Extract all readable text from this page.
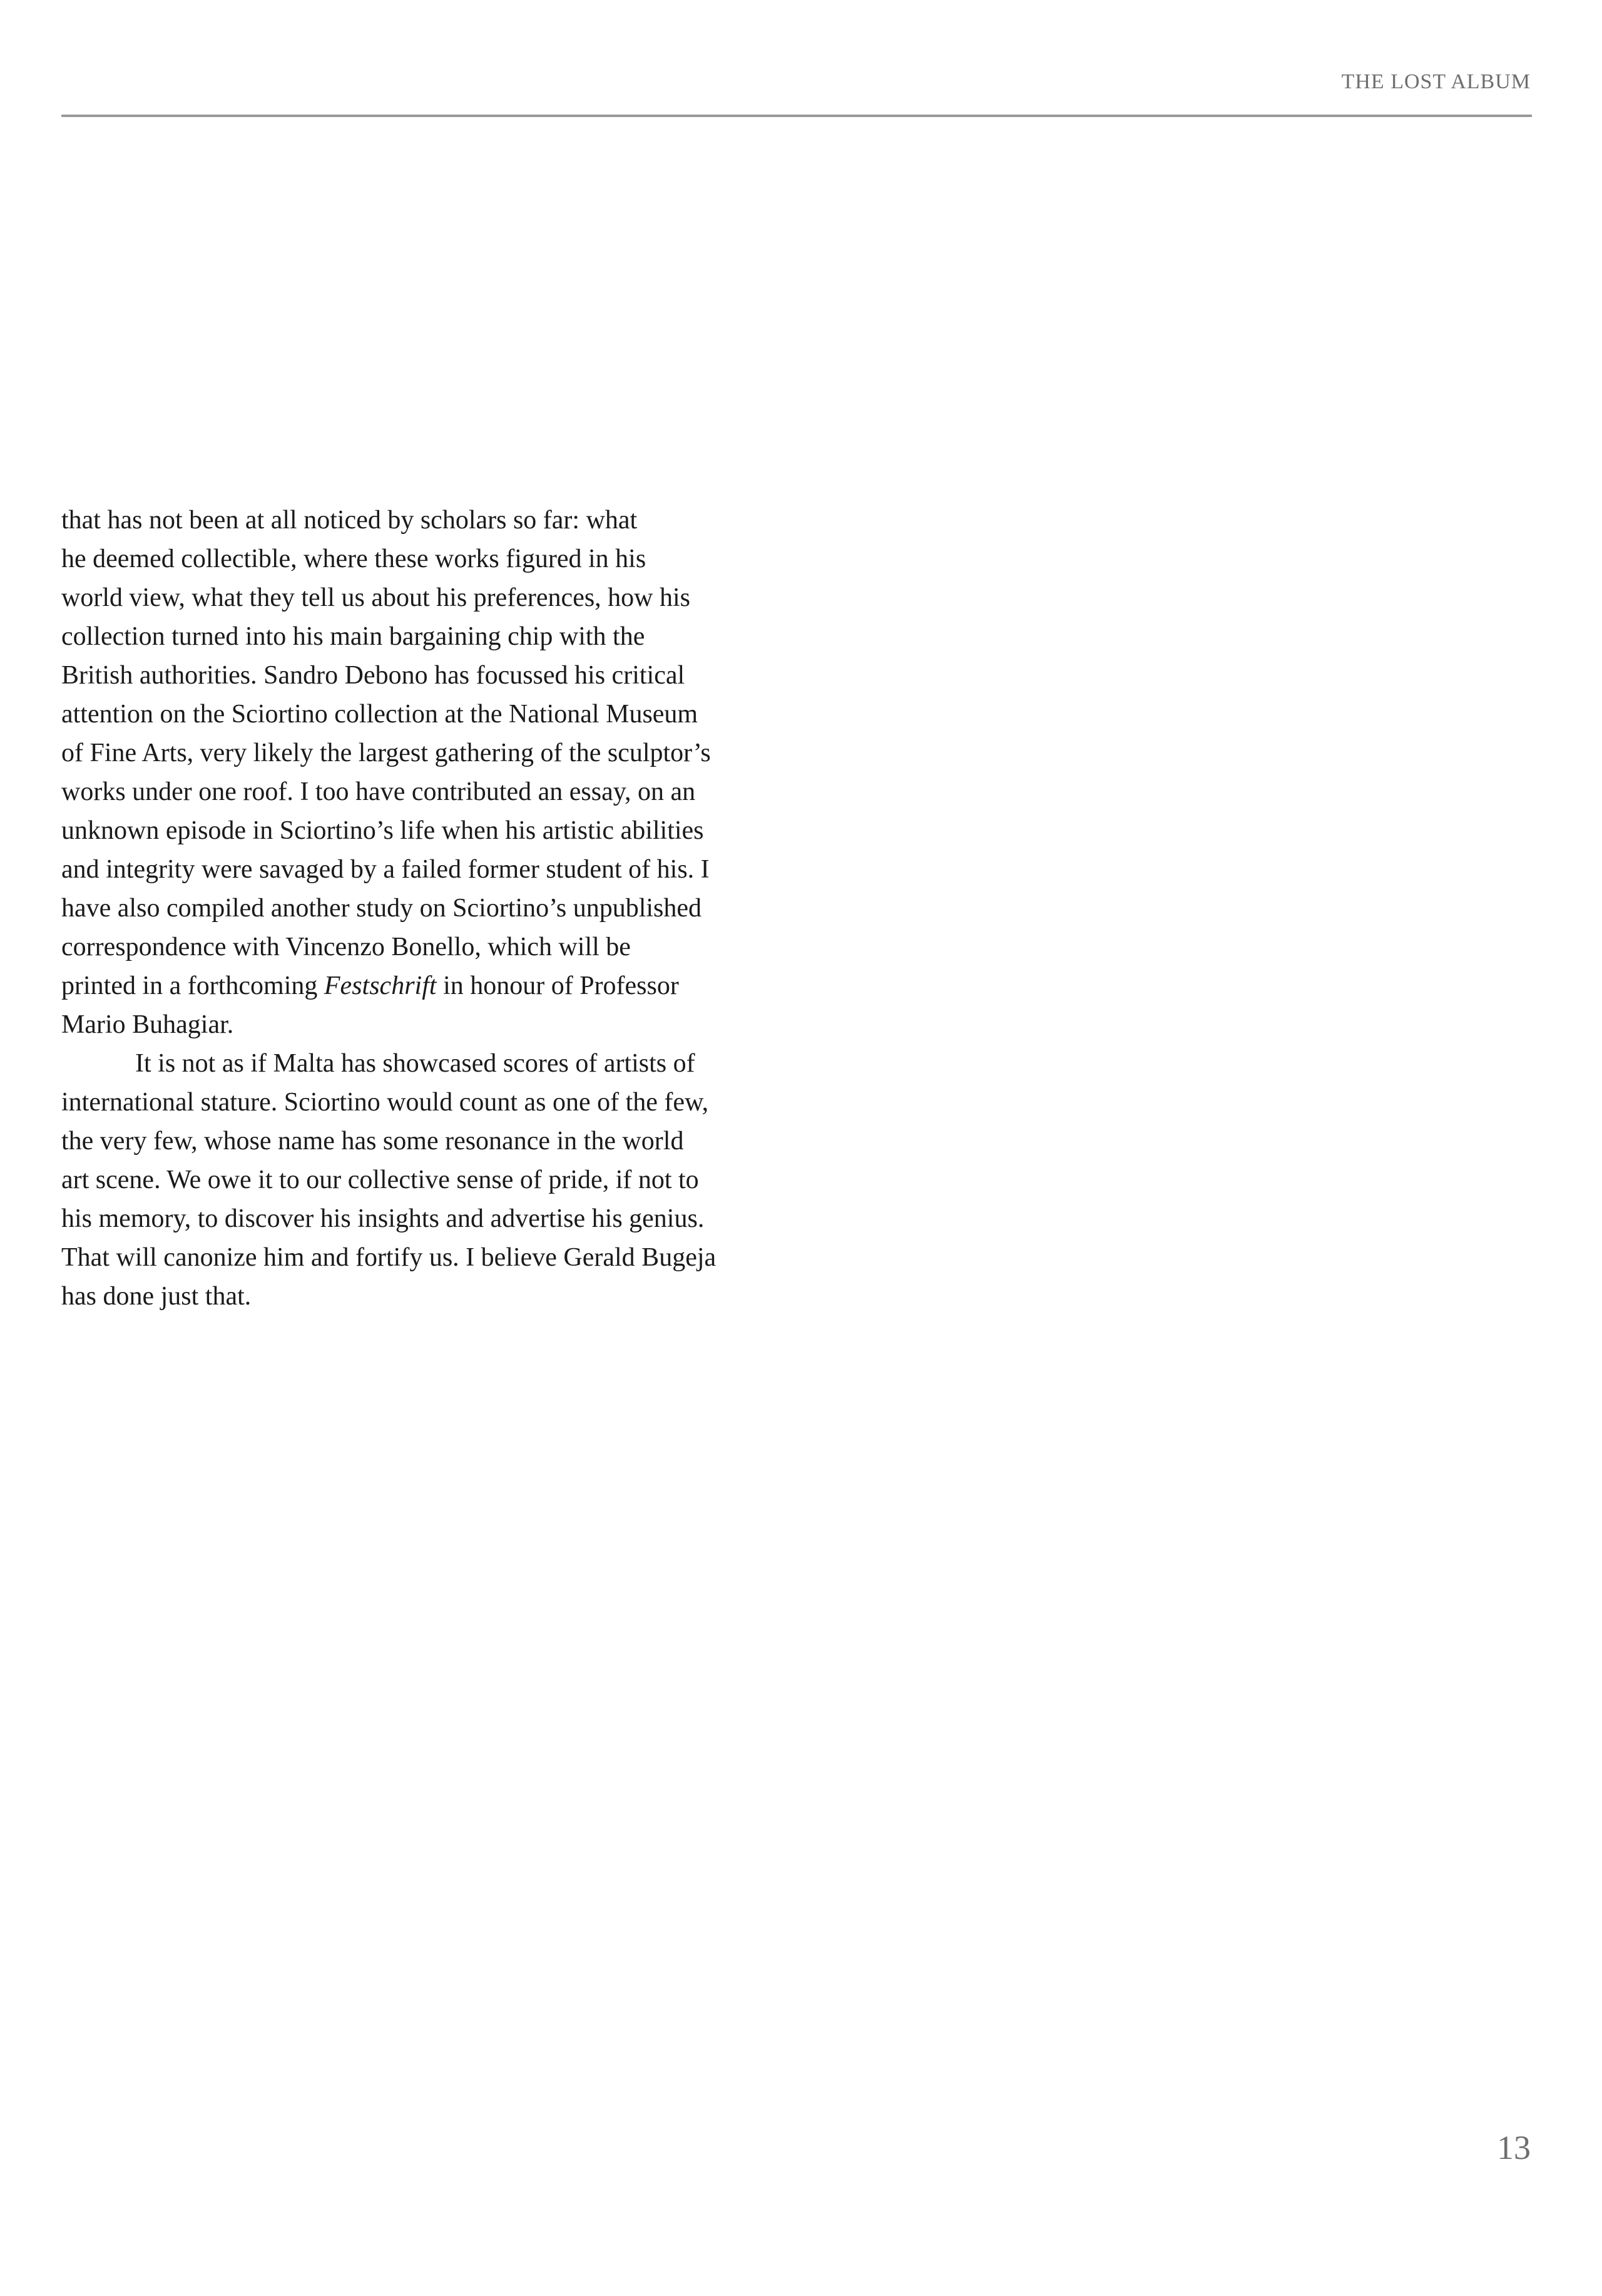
THE LOST ALBUM
that has not been at all noticed by scholars so far: what
he deemed collectible, where these works figured in his
world view, what they tell us about his preferences, how his
collection turned into his main bargaining chip with the
British authorities. Sandro Debono has focussed his critical
attention on the Sciortino collection at the National Museum
of Fine Arts, very likely the largest gathering of the sculptor’s
works under one roof. I too have contributed an essay, on an
unknown episode in Sciortino’s life when his artistic abilities
and integrity were savaged by a failed former student of his. I
have also compiled another study on Sciortino’s unpublished
correspondence with Vincenzo Bonello, which will be
printed in a forthcoming Festschrift in honour of Professor
Mario Buhagiar.
It is not as if Malta has showcased scores of artists of
international stature. Sciortino would count as one of the few,
the very few, whose name has some resonance in the world
art scene. We owe it to our collective sense of pride, if not to
his memory, to discover his insights and advertise his genius.
That will canonize him and fortify us. I believe Gerald Bugeja
has done just that.
13
